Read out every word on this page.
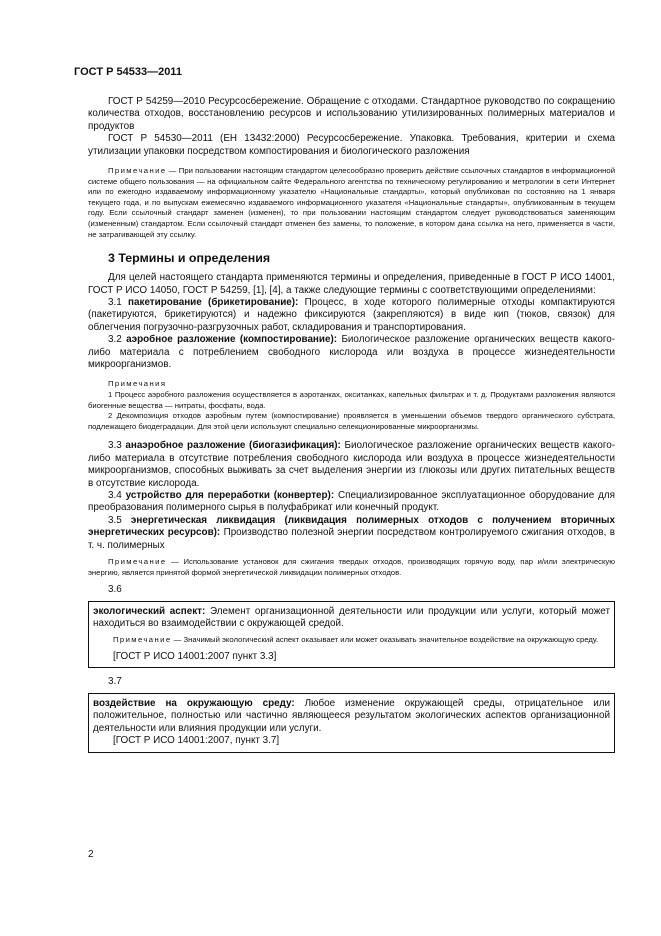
ГОСТ Р 54533—2011

ГОСТ Р 54259—2010 Ресурсосбережение. Обращение с отходами. Стандартное руководство по сокращению количества отходов, восстановлению ресурсов и использованию утилизированных полимерных материалов и продуктов

ГОСТ Р 54530—2011 (ЕН 13432:2000) Ресурсосбережение. Упаковка. Требования, критерии и схема утилизации упаковки посредством компостирования и биологического разложения

Примечание — При пользовании настоящим стандартом целесообразно проверить действие ссылочных стандартов в информационной системе общего пользования — на официальном сайте Федерального агентства по техническому регулированию и метрологии в сети Интернет или по ежегодно издаваемому информационному указателю «Национальные стандарты», который опубликован по состоянию на 1 января текущего года, и по выпускам ежемесячно издаваемого информационного указателя «Национальные стандарты», опубликованным в текущем году. Если ссылочный стандарт заменен (изменен), то при пользовании настоящим стандартом следует руководствоваться заменяющим (измененным) стандартом. Если ссылочный стандарт отменен без замены, то положение, в котором дана ссылка на него, применяется в части, не затрагивающей эту ссылку.

3 Термины и определения

Для целей настоящего стандарта применяются термины и определения, приведенные в ГОСТ Р ИСО 14001, ГОСТ Р ИСО 14050, ГОСТ Р 54259, [1], [4], а также следующие термины с соответствующими определениями:

3.1 пакетирование (брикетирование): Процесс, в ходе которого полимерные отходы компактируются (пакетируются, брикетируются) и надежно фиксируются (закрепляются) в виде кип (тюков, связок) для облегчения погрузочно-разгрузочных работ, складирования и транспортирования.

3.2 аэробное разложение (компостирование): Биологическое разложение органических веществ какого-либо материала с потреблением свободного кислорода или воздуха в процессе жизнедеятельности микроорганизмов.

Примечания

1 Процесс аэробного разложения осуществляется в аэротанках, окситанках, капельных фильтрах и т. д. Продуктами разложения являются биогенные вещества — нитраты, фосфаты, вода.

2 Декомпозиция отходов аэробным путем (компостирование) проявляется в уменьшении объемов твердого органического субстрата, подлежащего биодеградации. Для этой цели используют специально селекционированные микроорганизмы.

3.3 анаэробное разложение (биогазификация): Биологическое разложение органических веществ какого-либо материала в отсутствие потребления свободного кислорода или воздуха в процессе жизнедеятельности микроорганизмов, способных выживать за счет выделения энергии из глюкозы или других питательных веществ в отсутствие кислорода.

3.4 устройство для переработки (конвертер): Специализированное эксплуатационное оборудование для преобразования полимерного сырья в полуфабрикат или конечный продукт.

3.5 энергетическая ликвидация (ликвидация полимерных отходов с получением вторичных энергетических ресурсов): Производство полезной энергии посредством контролируемого сжигания отходов, в т. ч. полимерных

Примечание — Использование установок для сжигания твердых отходов, производящих горячую воду, пар и/или электрическую энергию, является принятой формой энергетической ликвидации полимерных отходов.

3.6

экологический аспект: Элемент организационной деятельности или продукции или услуги, который может находиться во взаимодействии с окружающей средой.

Примечание — Значимый экологический аспект оказывает или может оказывать значительное воздействие на окружающую среду.

[ГОСТ Р ИСО 14001:2007 пункт 3.3]

3.7

воздействие на окружающую среду: Любое изменение окружающей среды, отрицательное или положительное, полностью или частично являющееся результатом экологических аспектов организационной деятельности или влияния продукции или услуги.

[ГОСТ Р ИСО 14001:2007, пункт 3.7]

2
